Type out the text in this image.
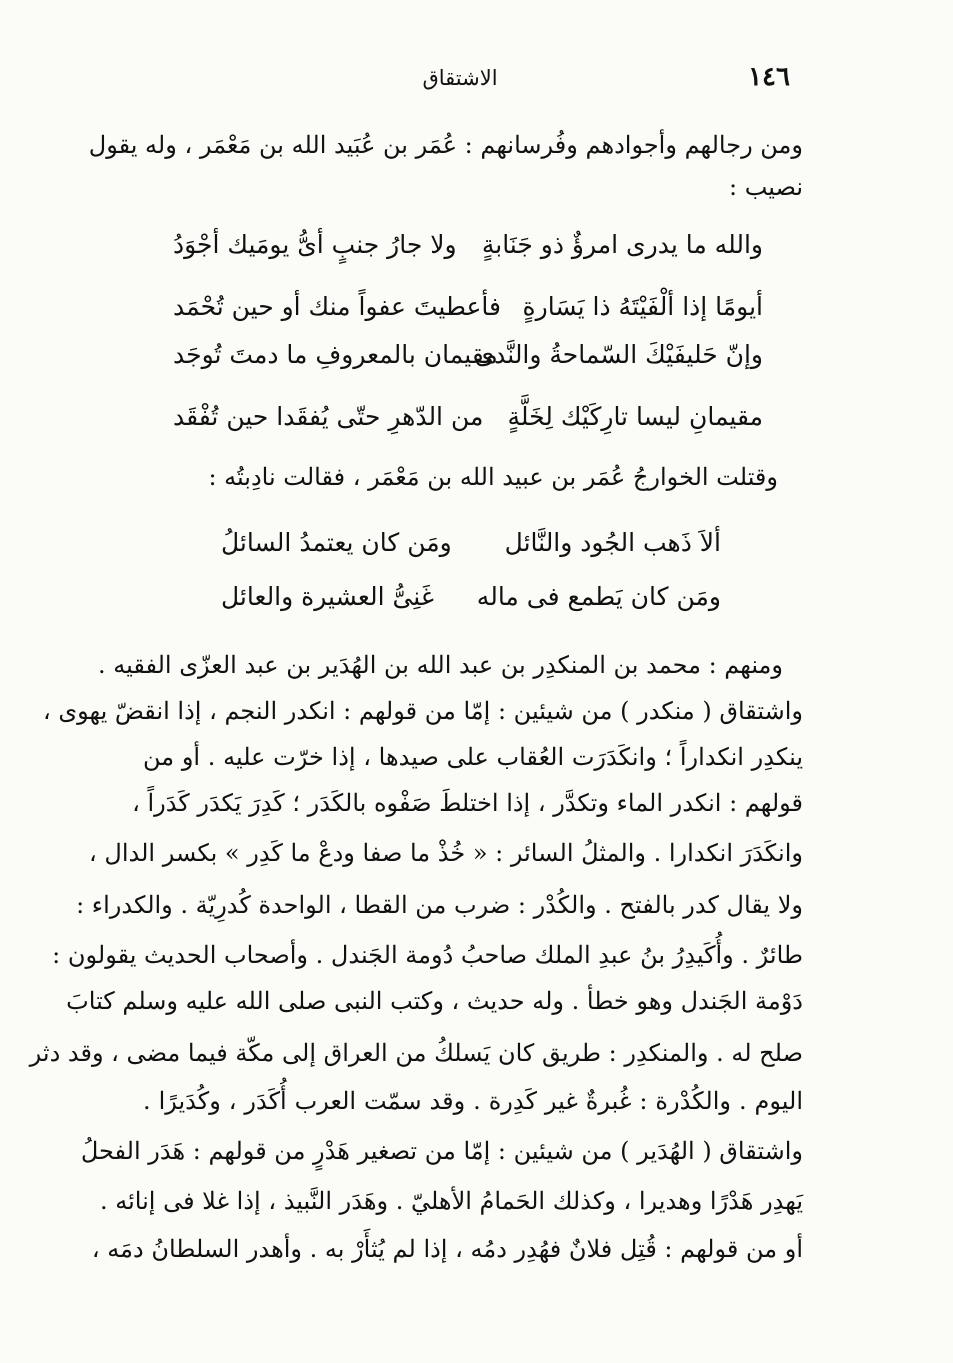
١٤٦
الاشتقاق
ومن رجالهم وأجوادهم وفُرسانهم : عُمَر بن عُبَيد الله بن مَعْمَر ، وله يقول
نصيب :
والله ما يدرى امرؤٌ ذو جَنَابةٍ
ولا جارُ جنبٍ أىُّ يومَيك أجْوَدُ
أيومًا إذا ألْفَيْتَهُ ذا يَسَارةٍ
فأعطيتَ عفواً منك أو حين تُحْمَد
وإنّ حَليفَيْكَ السّماحةُ والنَّدى
مقيمان بالمعروفِ ما دمتَ تُوجَد
مقيمانِ ليسا تارِكَيْك لِخَلَّةٍ
من الدّهرِ حتّى يُفقَدا حين تُفْقَد
وقتلت الخوارجُ عُمَر بن عبيد الله بن مَعْمَر ، فقالت نادِبتُه :
ألاَ ذَهب الجُود والنَّائل
ومَن كان يعتمدُ السائلُ
ومَن كان يَطمع فى ماله
غَنِىُّ العشيرة والعائل
ومنهم : محمد بن المنكدِر بن عبد الله بن الهُدَير بن عبد العزّى الفقيه .
واشتقاق ( منكدر ) من شيئين : إمّا من قولهم : انكدر النجم ، إذا انقضّ يهوى ،
ينكدِر انكداراً ؛ وانكَدَرَت العُقاب على صيدها ، إذا خرّت عليه . أو من
قولهم : انكدر الماء وتكدَّر ، إذا اختلطَ صَفْوه بالكَدَر ؛ كَدِرَ يَكدَر كَدَراً ،
وانكَدَرَ انكدارا . والمثلُ السائر : « خُذْ ما صفا ودعْ ما كَدِر » بكسر الدال ،
ولا يقال كدر بالفتح . والكُدْر : ضرب من القطا ، الواحدة كُدرِيّة . والكدراء :
طائرٌ . وأُكَيدِرُ بنُ عبدِ الملك صاحبُ دُومة الجَندل . وأصحاب الحديث يقولون :
دَوْمة الجَندل وهو خطأ . وله حديث ، وكتب النبى صلى الله عليه وسلم كتابَ
صلح له . والمنكدِر : طريق كان يَسلكُ من العراق إلى مكّة فيما مضى ، وقد دثر
اليوم . والكُدْرة : غُبرةٌ غير كَدِرة . وقد سمّت العرب أُكَدَر ، وكُدَيرًا .
واشتقاق ( الهُدَير ) من شيئين : إمّا من تصغير هَدْرٍ من قولهم : هَدَر الفحلُ
يَهدِر هَدْرًا وهديرا ، وكذلك الحَمامُ الأهليّ . وهَدَر النَّبيذ ، إذا غلا فى إنائه .
أو من قولهم : قُتِل فلانٌ فهُدِر دمُه ، إذا لم يُثأَرْ به . وأهدر السلطانُ دمَه ،
